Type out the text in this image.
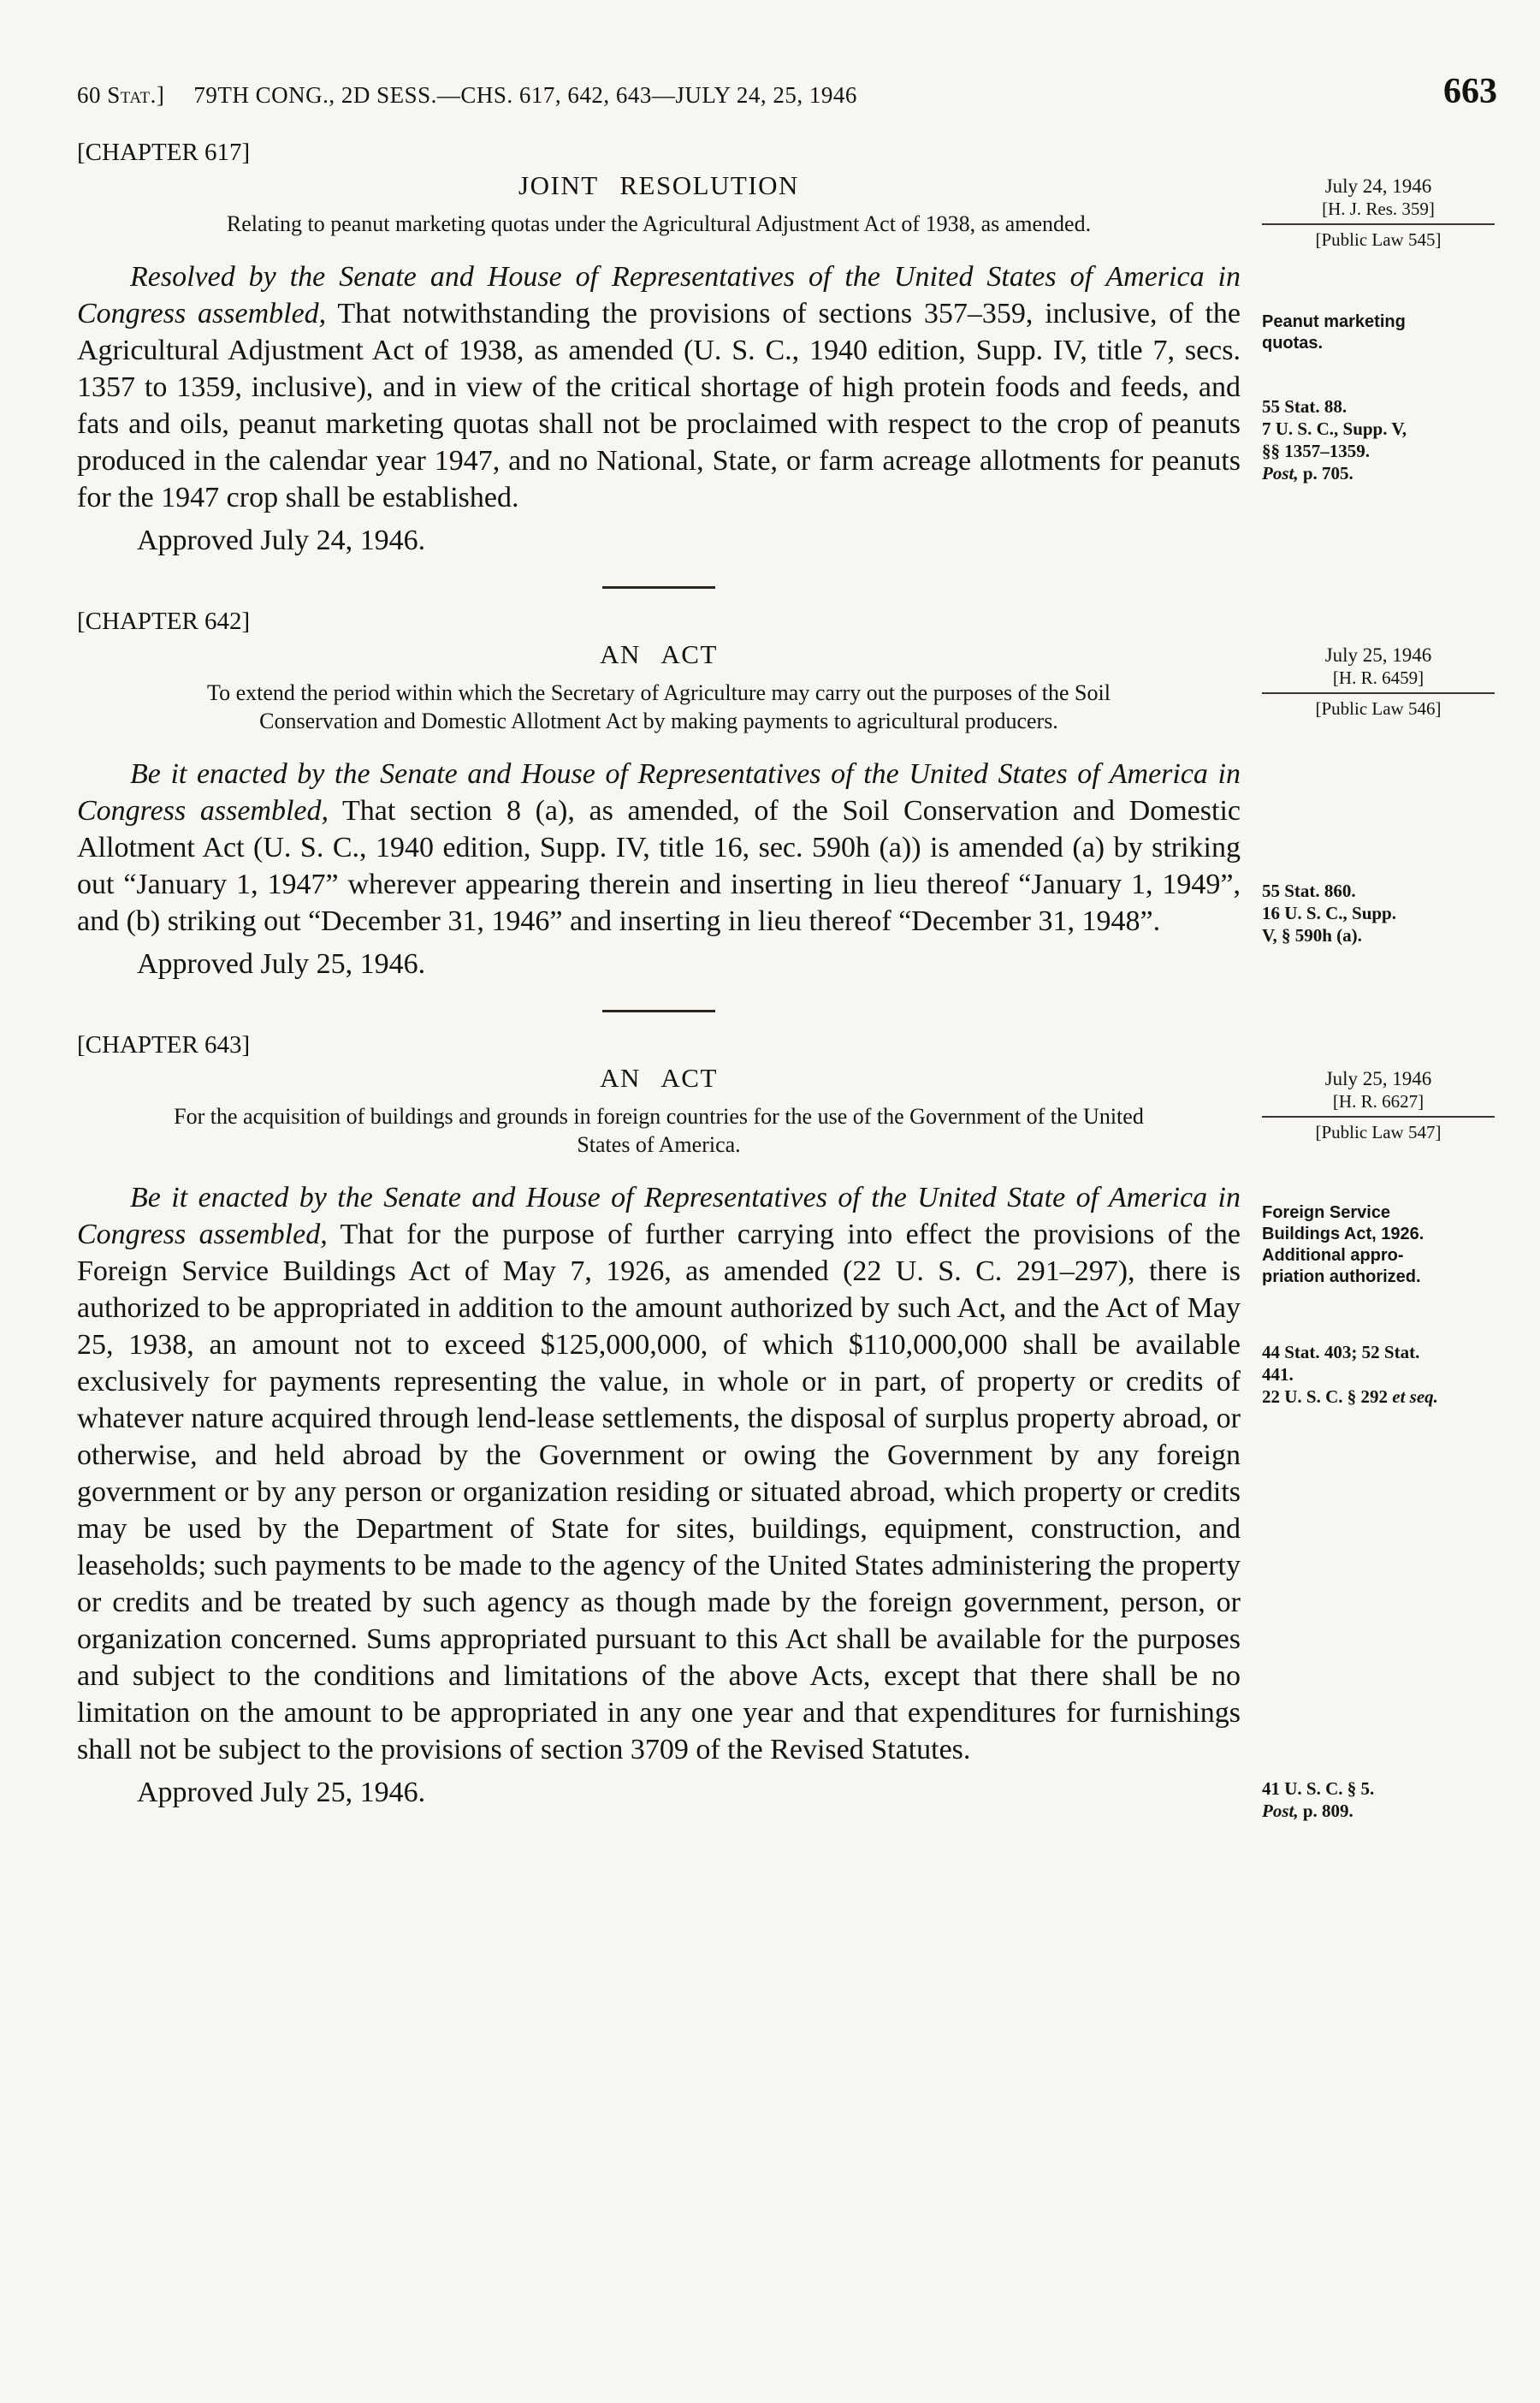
60 Stat.] 79TH CONG., 2D SESS.—CHS. 617, 642, 643—JULY 24, 25, 1946	663
[CHAPTER 617]
JOINT RESOLUTION

Relating to peanut marketing quotas under the Agricultural Adjustment Act of 1938, as amended.

Resolved by the Senate and House of Representatives of the United States of America in Congress assembled, That notwithstanding the provisions of sections 357–359, inclusive, of the Agricultural Adjustment Act of 1938, as amended (U. S. C., 1940 edition, Supp. IV, title 7, secs. 1357 to 1359, inclusive), and in view of the critical shortage of high protein foods and feeds, and fats and oils, peanut marketing quotas shall not be proclaimed with respect to the crop of peanuts produced in the calendar year 1947, and no National, State, or farm acreage allotments for peanuts for the 1947 crop shall be established.

Approved July 24, 1946.

July 24, 1946
[H. J. Res. 359]
[Public Law 545]
Peanut marketing
quotas.
55 Stat. 88.
7 U. S. C., Supp. V,
§§ 1357–1359.
Post, p. 705.
[CHAPTER 642]
AN ACT

To extend the period within which the Secretary of Agriculture may carry out the purposes of the Soil Conservation and Domestic Allotment Act by making payments to agricultural producers.

Be it enacted by the Senate and House of Representatives of the United States of America in Congress assembled, That section 8 (a), as amended, of the Soil Conservation and Domestic Allotment Act (U. S. C., 1940 edition, Supp. IV, title 16, sec. 590h (a)) is amended (a) by striking out “January 1, 1947” wherever appearing therein and inserting in lieu thereof “January 1, 1949”, and (b) striking out “December 31, 1946” and inserting in lieu thereof “December 31, 1948”.

Approved July 25, 1946.

July 25, 1946
[H. R. 6459]
[Public Law 546]
55 Stat. 860.
16 U. S. C., Supp.
V, § 590h (a).
[CHAPTER 643]
AN ACT

For the acquisition of buildings and grounds in foreign countries for the use of the Government of the United States of America.

Be it enacted by the Senate and House of Representatives of the United State of America in Congress assembled, That for the purpose of further carrying into effect the provisions of the Foreign Service Buildings Act of May 7, 1926, as amended (22 U. S. C. 291–297), there is authorized to be appropriated in addition to the amount authorized by such Act, and the Act of May 25, 1938, an amount not to exceed $125,000,000, of which $110,000,000 shall be available exclusively for payments representing the value, in whole or in part, of property or credits of whatever nature acquired through lend-lease settlements, the disposal of surplus property abroad, or otherwise, and held abroad by the Government or owing the Government by any foreign government or by any person or organization residing or situated abroad, which property or credits may be used by the Department of State for sites, buildings, equipment, construction, and leaseholds; such payments to be made to the agency of the United States administering the property or credits and be treated by such agency as though made by the foreign government, person, or organization concerned. Sums appropriated pursuant to this Act shall be available for the purposes and subject to the conditions and limitations of the above Acts, except that there shall be no limitation on the amount to be appropriated in any one year and that expenditures for furnishings shall not be subject to the provisions of section 3709 of the Revised Statutes.

Approved July 25, 1946.

July 25, 1946
[H. R. 6627]
[Public Law 547]
Foreign Service
Buildings Act, 1926.
Additional appro-
priation authorized.
44 Stat. 403; 52 Stat.
441.
22 U. S. C. § 292 et seq.
41 U. S. C. § 5.
Post, p. 809.
